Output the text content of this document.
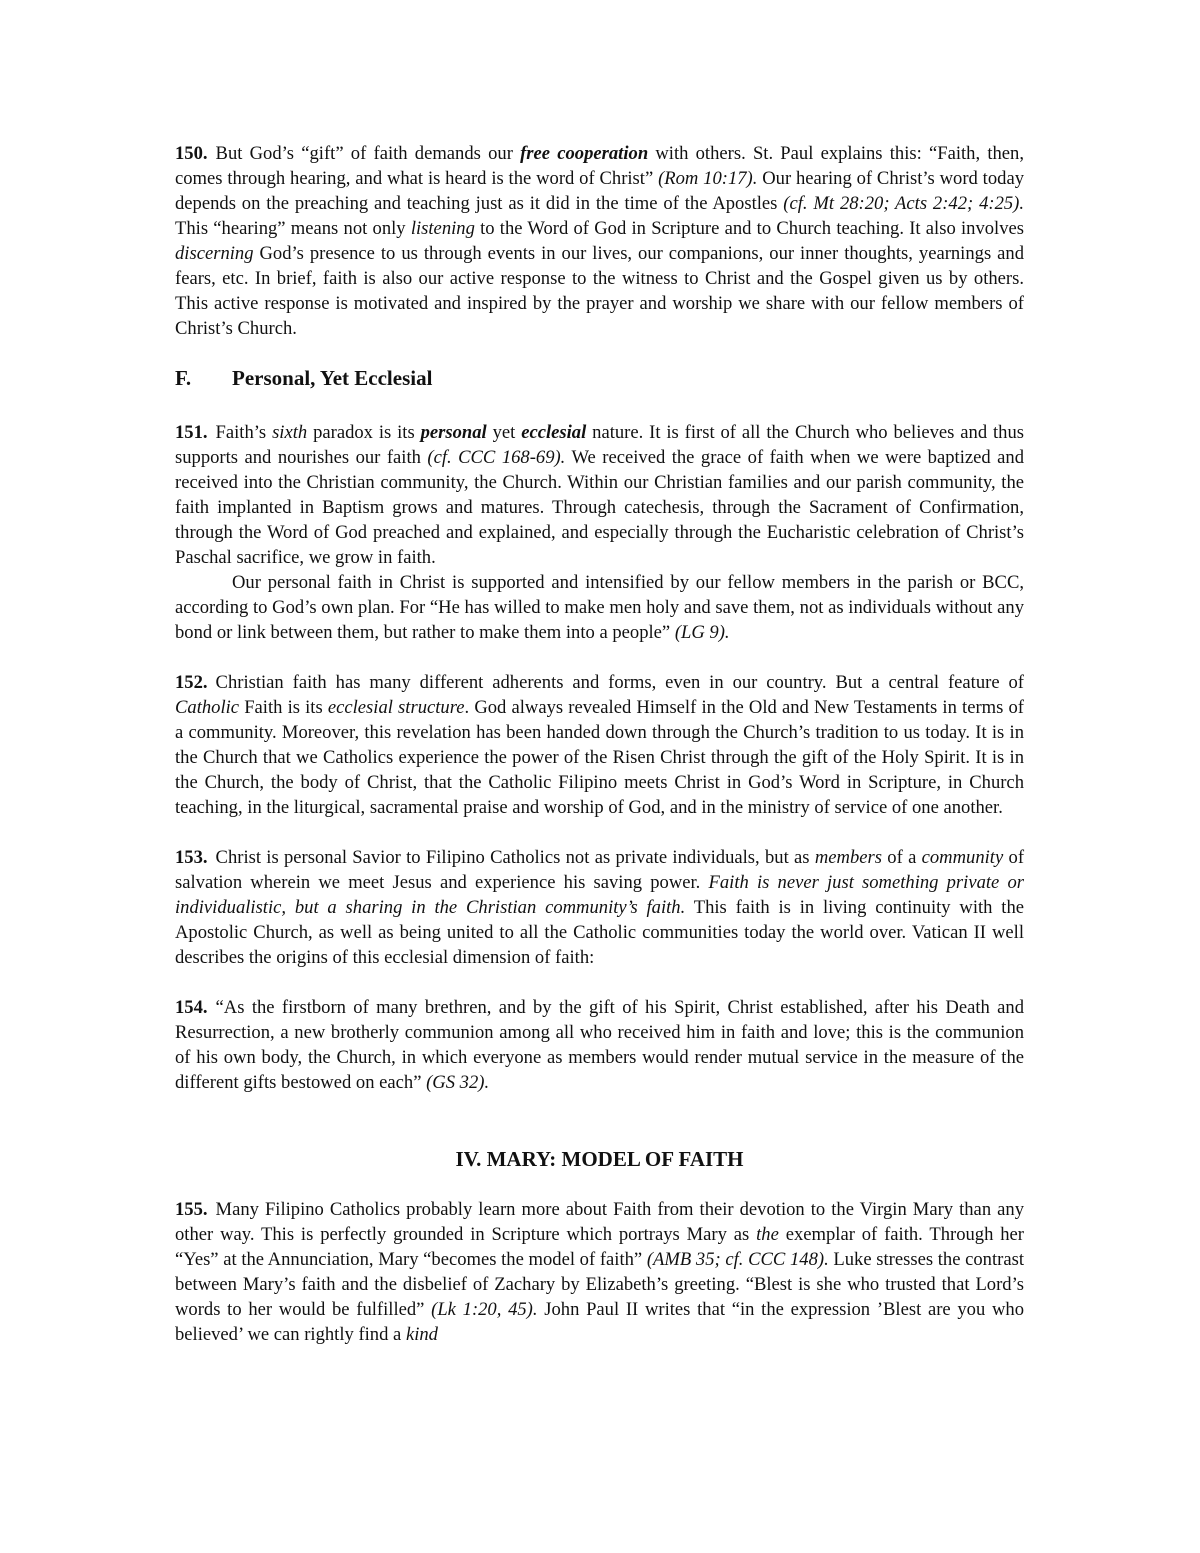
150. But God’s “gift” of faith demands our free cooperation with others. St. Paul explains this: “Faith, then, comes through hearing, and what is heard is the word of Christ” (Rom 10:17). Our hearing of Christ’s word today depends on the preaching and teaching just as it did in the time of the Apostles (cf. Mt 28:20; Acts 2:42; 4:25). This “hearing” means not only listening to the Word of God in Scripture and to Church teaching. It also involves discerning God’s presence to us through events in our lives, our companions, our inner thoughts, yearnings and fears, etc. In brief, faith is also our active response to the witness to Christ and the Gospel given us by others. This active response is motivated and inspired by the prayer and worship we share with our fellow members of Christ’s Church.

F.	Personal, Yet Ecclesial

151. Faith’s sixth paradox is its personal yet ecclesial nature. It is first of all the Church who believes and thus supports and nourishes our faith (cf. CCC 168-69). We received the grace of faith when we were baptized and received into the Christian community, the Church. Within our Christian families and our parish community, the faith implanted in Baptism grows and matures. Through catechesis, through the Sacrament of Confirmation, through the Word of God preached and explained, and especially through the Eucharistic celebration of Christ’s Paschal sacrifice, we grow in faith.

Our personal faith in Christ is supported and intensified by our fellow members in the parish or BCC, according to God’s own plan. For “He has willed to make men holy and save them, not as individuals without any bond or link between them, but rather to make them into a people” (LG 9).

152. Christian faith has many different adherents and forms, even in our country. But a central feature of Catholic Faith is its ecclesial structure. God always revealed Himself in the Old and New Testaments in terms of a community. Moreover, this revelation has been handed down through the Church’s tradition to us today. It is in the Church that we Catholics experience the power of the Risen Christ through the gift of the Holy Spirit. It is in the Church, the body of Christ, that the Catholic Filipino meets Christ in God’s Word in Scripture, in Church teaching, in the liturgical, sacramental praise and worship of God, and in the ministry of service of one another.

153. Christ is personal Savior to Filipino Catholics not as private individuals, but as members of a community of salvation wherein we meet Jesus and experience his saving power. Faith is never just something private or individualistic, but a sharing in the Christian community’s faith. This faith is in living continuity with the Apostolic Church, as well as being united to all the Catholic communities today the world over. Vatican II well describes the origins of this ecclesial dimension of faith:

154. “As the firstborn of many brethren, and by the gift of his Spirit, Christ established, after his Death and Resurrection, a new brotherly communion among all who received him in faith and love; this is the communion of his own body, the Church, in which everyone as members would render mutual service in the measure of the different gifts bestowed on each” (GS 32).

IV. MARY: MODEL OF FAITH

155. Many Filipino Catholics probably learn more about Faith from their devotion to the Virgin Mary than any other way. This is perfectly grounded in Scripture which portrays Mary as the exemplar of faith. Through her “Yes” at the Annunciation, Mary “becomes the model of faith” (AMB 35; cf. CCC 148). Luke stresses the contrast between Mary’s faith and the disbelief of Zachary by Elizabeth’s greeting. “Blest is she who trusted that Lord’s words to her would be fulfilled” (Lk 1:20, 45). John Paul II writes that “in the expression ’Blest are you who believed’ we can rightly find a kind
